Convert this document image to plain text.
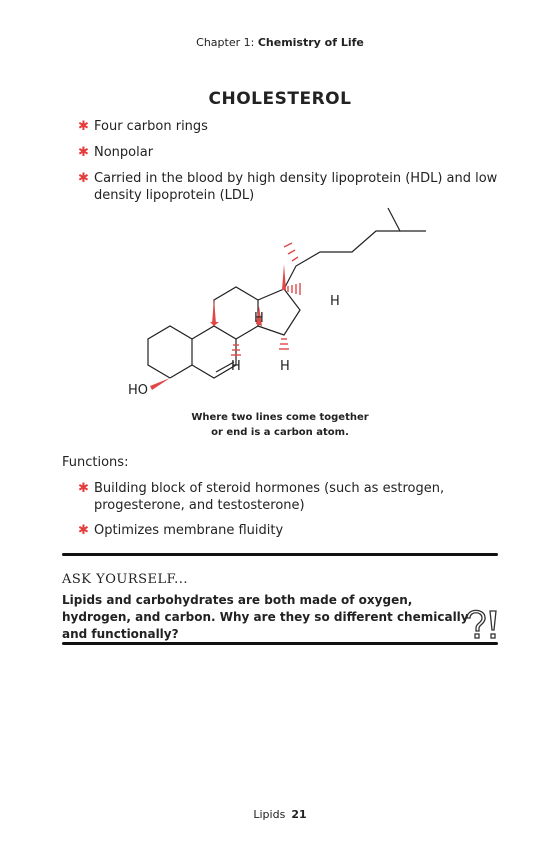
Chapter 1: Chemistry of Life
CHOLESTEROL
✱ Four carbon rings
✱ Nonpolar
✱ Carried in the blood by high density lipoprotein (HDL) and low density lipoprotein (LDL)
H
H	H
H
HO
Where two lines come together
or end is a carbon atom.
Functions:
✱ Building block of steroid hormones (such as estrogen, progesterone, and testosterone)
✱ Optimizes membrane fluidity
ASK YOURSELF...
Lipids and carbohydrates are both made of oxygen, hydrogen, and carbon. Why are they so different chemically and functionally?
Lipids 21
